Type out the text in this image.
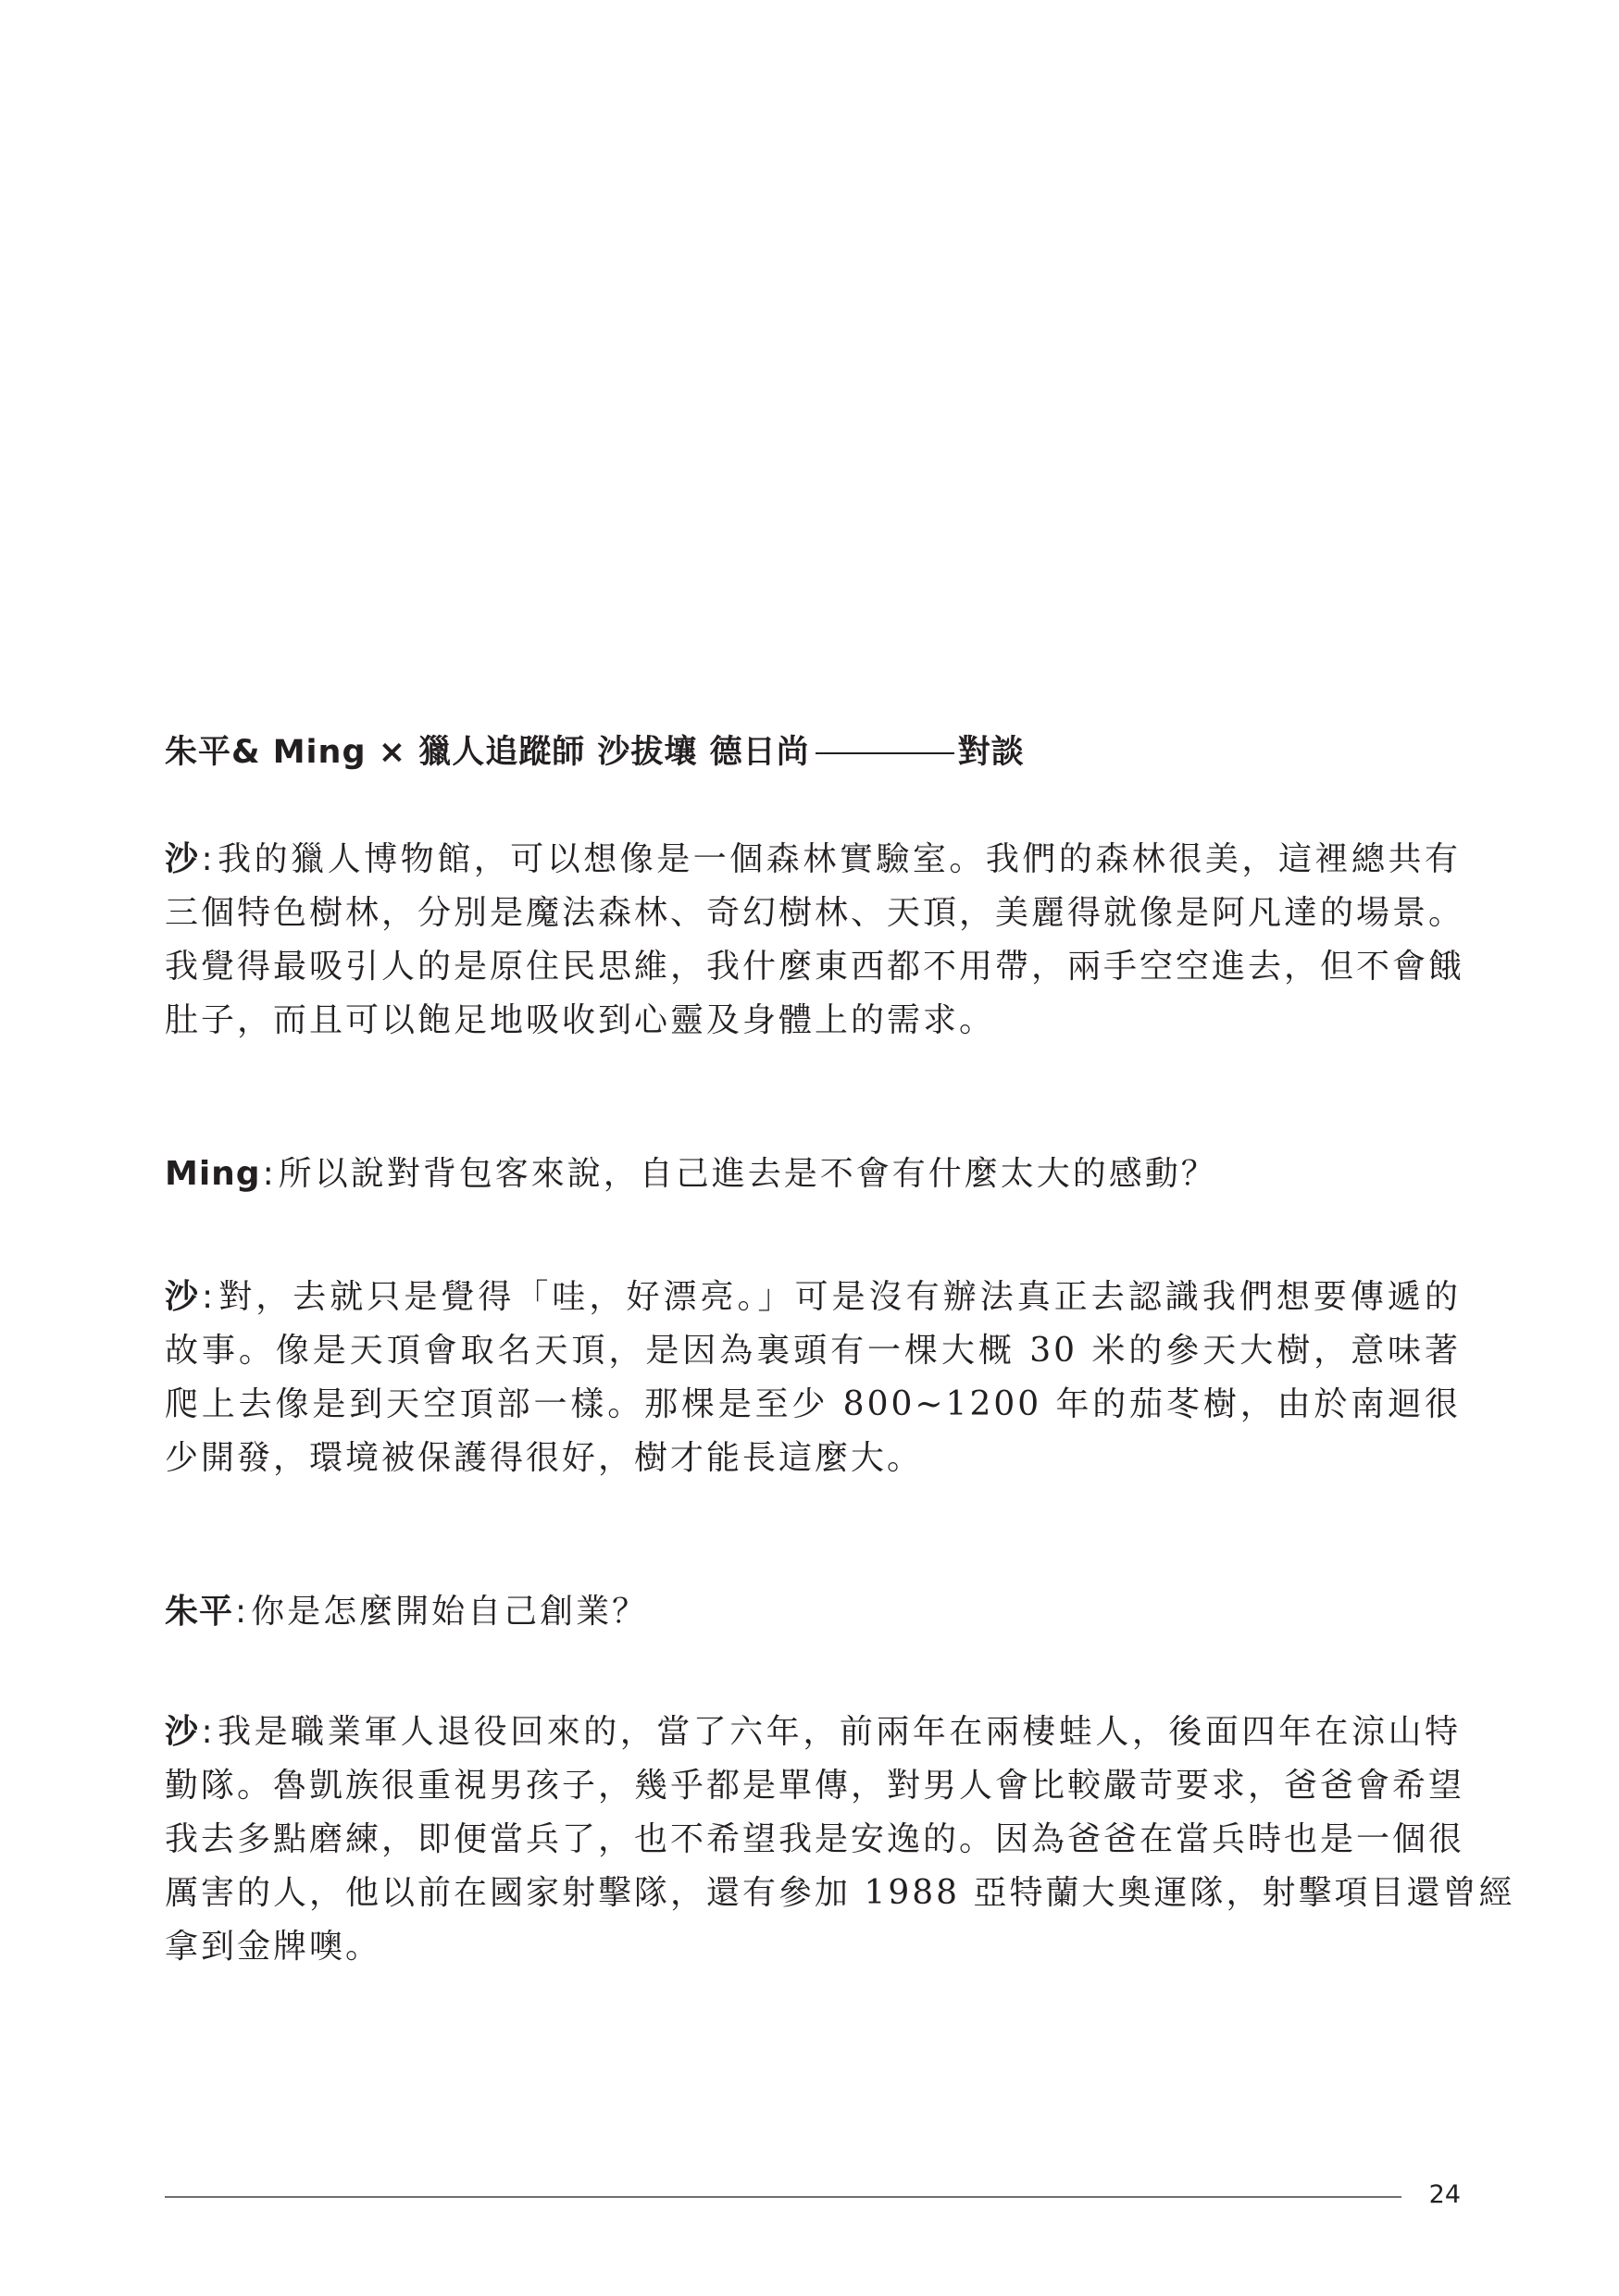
朱平& Ming × 獵人追蹤師 沙拔壤 德日尚	對談

沙:我的獵人博物館，可以想像是一個森林實驗室。我們的森林很美，這裡總共有
三個特色樹林，分別是魔法森林、奇幻樹林、天頂，美麗得就像是阿凡達的場景。
我覺得最吸引人的是原住民思維，我什麼東西都不用帶，兩手空空進去，但不會餓
肚子，而且可以飽足地吸收到心靈及身體上的需求。

Ming:所以說對背包客來說，自己進去是不會有什麼太大的感動？

沙:對，去就只是覺得「哇，好漂亮。」可是沒有辦法真正去認識我們想要傳遞的
故事。像是天頂會取名天頂，是因為裏頭有一棵大概 30 米的參天大樹，意味著
爬上去像是到天空頂部一樣。那棵是至少 800~1200 年的茄苳樹，由於南迴很
少開發，環境被保護得很好，樹才能長這麼大。

朱平:你是怎麼開始自己創業？

沙:我是職業軍人退役回來的，當了六年，前兩年在兩棲蛙人，後面四年在涼山特
勤隊。魯凱族很重視男孩子，幾乎都是單傳，對男人會比較嚴苛要求，爸爸會希望
我去多點磨練，即便當兵了，也不希望我是安逸的。因為爸爸在當兵時也是一個很
厲害的人，他以前在國家射擊隊，還有參加 1988 亞特蘭大奧運隊，射擊項目還曾經
拿到金牌噢。

24
